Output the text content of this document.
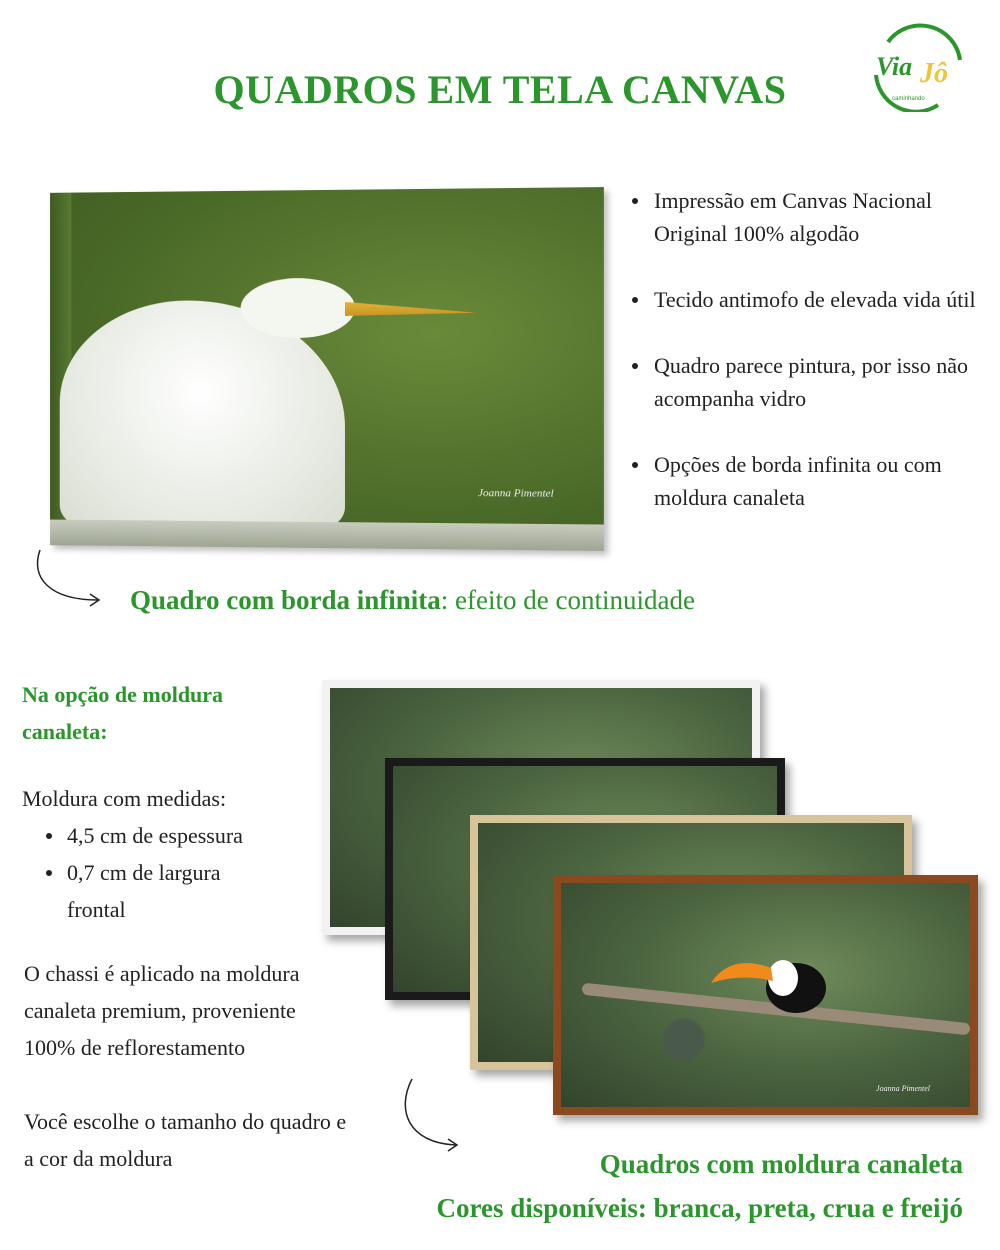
QUADROS EM TELA CANVAS
Via Jô
caminhando
Joanna Pimentel
Impressão em Canvas Nacional Original 100% algodão
Tecido antimofo de elevada vida útil
Quadro parece pintura, por isso não acompanha vidro
Opções de borda infinita ou com moldura canaleta
Quadro com borda infinita: efeito de continuidade
Na opção de moldura canaleta:
Moldura com medidas:
4,5 cm de espessura
0,7 cm de largura frontal
O chassi é aplicado na moldura canaleta premium, proveniente 100% de reflorestamento
Você escolhe o tamanho do quadro e a cor da moldura
Joanna Pimentel
Quadros com moldura canaleta
Cores disponíveis: branca, preta, crua e freijó
